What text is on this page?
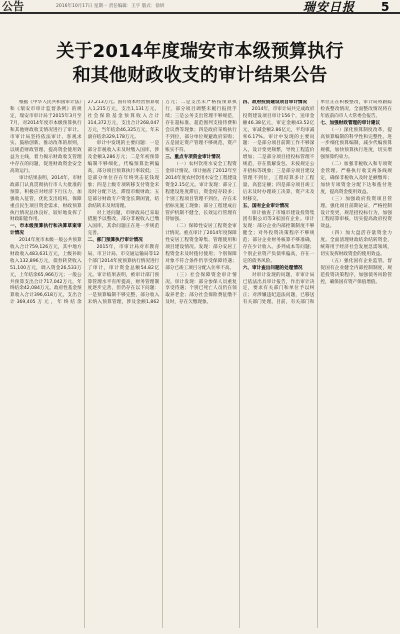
公告	2016年10月17日 星期一 责任编辑：王宇 版式：徐妍	瑞安日报 5
关于2014年度瑞安市本级预算执行
和其他财政收支的审计结果公告

根据《中华人民共和国审计法》和《瑞安市审计监督条例》的规定，瑞安市审计局于2015年3月至7月，对2014年度市本级预算执行和其他财政收支情况进行了审计。市审计局坚持依法审计、客观求实、鼓励创新、推动改革的原则，以规范财政管理、提高资金使用效益为主线，着力揭示财政收支管理中存在的问题，促进财政资金安全高效运行。

审计结果表明，2014年，市财政部门认真贯彻执行市人大批准的预算，积极应对经济下行压力，加强收入征管，优化支出结构，保障重点民生项目资金需求，财政预算执行情况总体良好，较好地发挥了财政职能作用。

一、市本级预算执行和决算草案审计情况

2014年度市本级一般公共预算收入合计759,126万元，其中地方财政收入483,631万元，上级补助收入132,896万元，债券转贷收入51,100万元，调入资金26,533万元，上年结余65,966万元；一般公共预算支出合计717,042万元，年终结余42,084万元。政府性基金预算收入合计396,618万元，支出合计369,405万元，年终结余27,213万元。国有资本经营预算收入1,215万元，支出1,131万元。社会保险基金预算收入合计314,372万元，支出合计268,047万元，当年结余46,325万元，年末滚存结余329,178万元。

审计中发现的主要问题：一是部分非税收入未及时缴入国库，涉及金额3,286万元；二是年初预算编制不够细化，代编预算比例偏高，部分项目预算执行率较低；三是部分单位存在年终突击花钱现象；四是上级专项转移支付资金未及时分配下达，滞留市级财政；五是部分财政专户资金长期闲置，结余结转未及时清理。

对上述问题，市财政局已采取措施予以整改，部分非税收入已缴入国库，其余问题正在进一步规范完善。

二、部门预算执行审计情况

2015年，市审计局对市教育局、市卫计局、市交通运输局等12个部门2014年度预算执行情况进行了审计，审计资金总额54.82亿元。审计结果表明，被审计部门预算管理水平有所提高，财务管理制度逐步完善，但仍存在以下问题：一是预算编制不够完整，部分收入未纳入预算管理，涉及金额1,862万元；二是支出未严格按预算执行，部分项目调整未履行报批手续；三是公务支出管理不够规范，存在超标准、超范围列支接待费和会议费等现象；四是政府采购执行不到位，部分单位规避政府采购；五是固定资产管理不够规范，资产账实不符。

三、重点专项资金审计情况

（一）农村饮用水安全工程资金审计情况。审计抽查了2012年至2014年度农村饮用水安全工程建设资金2.15亿元。审计发现：部分工程建设进度滞后，资金结存较多；个别工程项目管理不到位，存在未招标先施工现象；部分工程建成后管护机制不健全，长效运行管理有待加强。

（二）保障性安居工程资金审计情况。重点审计了2014年度保障性安居工程资金筹集、管理使用和项目建设情况。发现：部分安居工程资金未及时拨付使用；个别保障对象不符合条件仍享受保障待遇；部分已竣工项目分配入住率不高。

（三）社会保障资金审计情况。审计发现：部分参保人员重复享受待遇；个别已死亡人员仍在领取养老金；部分社会保险费征缴不及时，存在欠缴现象。

四、政府投资建设项目审计情况

2014年，市审计局共完成政府投资建设项目审计156个，送审金额46.38亿元，审定金额43.52亿元，审减金额2.86亿元，平均审减率6.17%。审计中发现的主要问题：一是部分项目前期工作不够深入，设计变更频繁，导致工程造价增加；二是部分项目招投标管理不规范，存在肢解发包、未按规定公开招标等现象；三是部分项目建设管理不到位，工程结算多计工程量、高套定额；四是部分项目竣工后未及时办理竣工决算，资产未及时移交。

五、国有企业审计情况

审计抽查了市城市建设投资集团有限公司等3家国有企业。审计发现：部分企业内部控制制度不够健全；对外投资决策程序不够规范；部分企业财务核算不够准确，存在少计收入、多列成本等问题；个别企业资产负债率偏高，存在一定的债务风险。

六、审计查出问题的处理情况

对审计发现的问题，市审计局已依法出具审计报告，作出审计决定，要求有关部门和单位予以纠正；对涉嫌违纪违法问题，已移送有关部门处理。目前，有关部门和单位正在积极整改，审计局将跟踪检查整改情况，全面整改情况将在年底前向市人大常委会报告。

七、加强财政管理的审计建议

（一）深化预算制度改革，提高预算编制的科学性和完整性。进一步细化预算编制，减少代编预算规模，加快预算执行进度，切实增强预算约束力。

（二）加强非税收入和专项资金管理。严格执行收支两条线规定，确保非税收入及时足额缴库；加快专项资金分配下达和拨付进度，提高资金使用效益。

（三）加强政府投资项目管理。强化项目前期论证，严格控制设计变更，规范招投标行为，加强工程结算审核，切实提高政府投资效益。

（四）加大盘活存量资金力度。全面清理财政结余结转资金，统筹用于经济社会发展急需领域，切实发挥财政资金的使用效益。

（五）强化国有企业监管。督促国有企业健全内部控制制度，规范投资决策程序，加强债务风险管控，确保国有资产保值增值。
